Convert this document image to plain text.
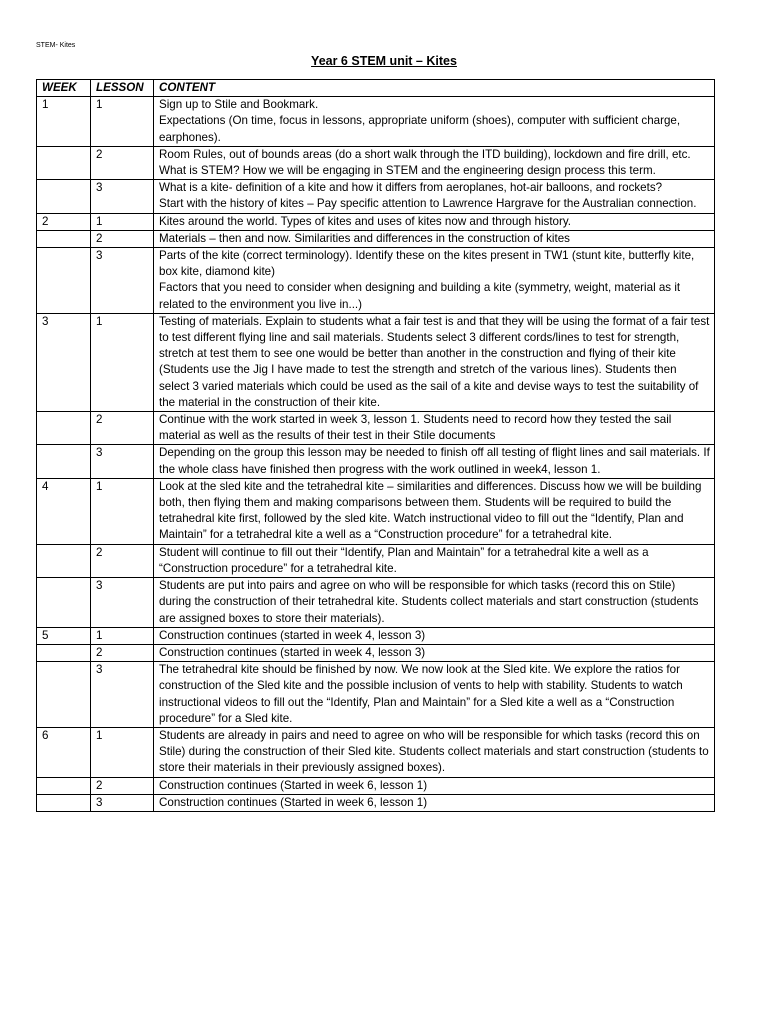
STEM- Kites
Year 6 STEM unit – Kites
WEEK	LESSON	CONTENT
1	1	Sign up to Stile and Bookmark.
Expectations (On time, focus in lessons, appropriate uniform (shoes), computer with sufficient charge, earphones).

	2	Room Rules, out of bounds areas (do a short walk through the ITD building), lockdown and fire drill, etc.
What is STEM? How we will be engaging in STEM and the engineering design process this term.

	3	What is a kite- definition of a kite and how it differs from aeroplanes, hot-air balloons, and rockets?
Start with the history of kites – Pay specific attention to Lawrence Hargrave for the Australian connection.

2	1	Kites around the world. Types of kites and uses of kites now and through history.

	2	Materials – then and now. Similarities and differences in the construction of kites

	3	Parts of the kite (correct terminology). Identify these on the kites present in TW1 (stunt kite, butterfly kite, box kite, diamond kite)
Factors that you need to consider when designing and building a kite (symmetry, weight, material as it related to the environment you live in...)

3	1	Testing of materials. Explain to students what a fair test is and that they will be using the format of a fair test to test different flying line and sail materials. Students select 3 different cords/lines to test for strength, stretch at test them to see one would be better than another in the construction and flying of their kite (Students use the Jig I have made to test the strength and stretch of the various lines). Students then select 3 varied materials which could be used as the sail of a kite and devise ways to test the suitability of the material in the construction of their kite.

	2	Continue with the work started in week 3, lesson 1. Students need to record how they tested the sail material as well as the results of their test in their Stile documents

	3	Depending on the group this lesson may be needed to finish off all testing of flight lines and sail materials. If the whole class have finished then progress with the work outlined in week4, lesson 1.

4	1	Look at the sled kite and the tetrahedral kite – similarities and differences. Discuss how we will be building both, then flying them and making comparisons between them. Students will be required to build the tetrahedral kite first, followed by the sled kite. Watch instructional video to fill out the “Identify, Plan and Maintain” for a tetrahedral kite a well as a “Construction procedure” for a tetrahedral kite.

	2	Student will continue to fill out their “Identify, Plan and Maintain” for a tetrahedral kite a well as a “Construction procedure” for a tetrahedral kite.

	3	Students are put into pairs and agree on who will be responsible for which tasks (record this on Stile) during the construction of their tetrahedral kite. Students collect materials and start construction (students are assigned boxes to store their materials).

5	1	Construction continues (started in week 4, lesson 3)

	2	Construction continues (started in week 4, lesson 3)

	3	The tetrahedral kite should be finished by now. We now look at the Sled kite. We explore the ratios for construction of the Sled kite and the possible inclusion of vents to help with stability. Students to watch instructional videos to fill out the “Identify, Plan and Maintain” for a Sled kite a well as a “Construction procedure” for a Sled kite.

6	1	Students are already in pairs and need to agree on who will be responsible for which tasks (record this on Stile) during the construction of their Sled kite. Students collect materials and start construction (students to store their materials in their previously assigned boxes).

	2	Construction continues (Started in week 6, lesson 1)

	3	Construction continues (Started in week 6, lesson 1)
